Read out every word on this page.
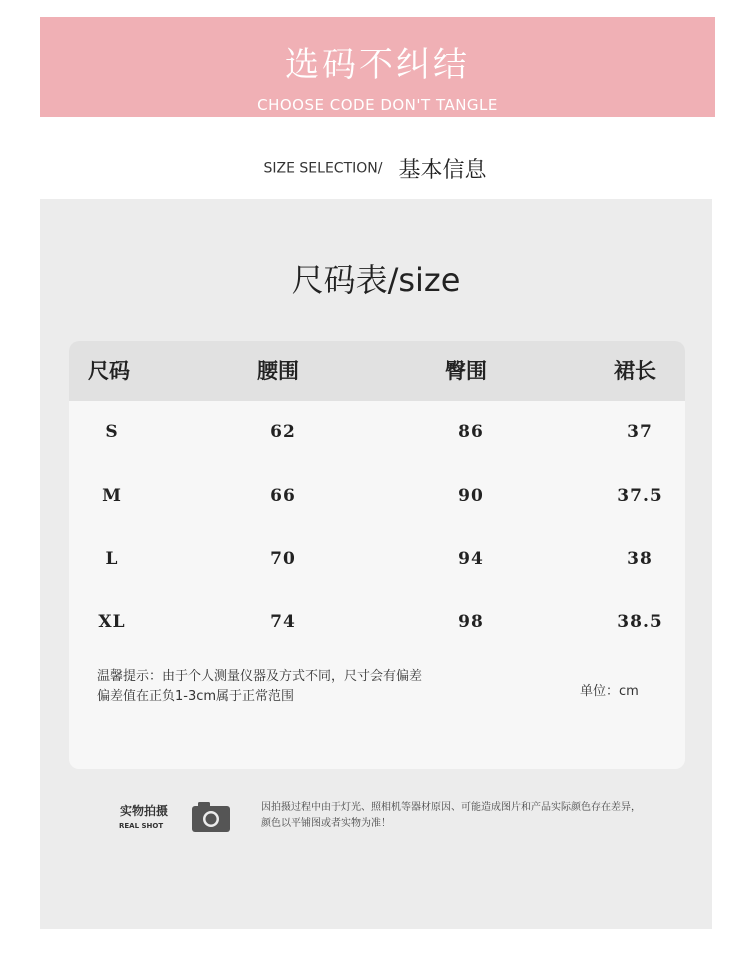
选码不纠结
CHOOSE CODE DON'T TANGLE
SIZE SELECTION/ 基本信息
尺码表/size
尺码	腰围	臀围	裙长
S	62	86	37
M	66	90	37.5
L	70	94	38
XL	74	98	38.5
温馨提示：由于个人测量仪器及方式不同，尺寸会有偏差
偏差值在正负1-3cm属于正常范围	单位：cm
实物拍摄
REAL SHOT
因拍摄过程中由于灯光、照相机等器材原因、可能造成图片和产品实际颜色存在差异，
颜色以平铺图或者实物为准！
